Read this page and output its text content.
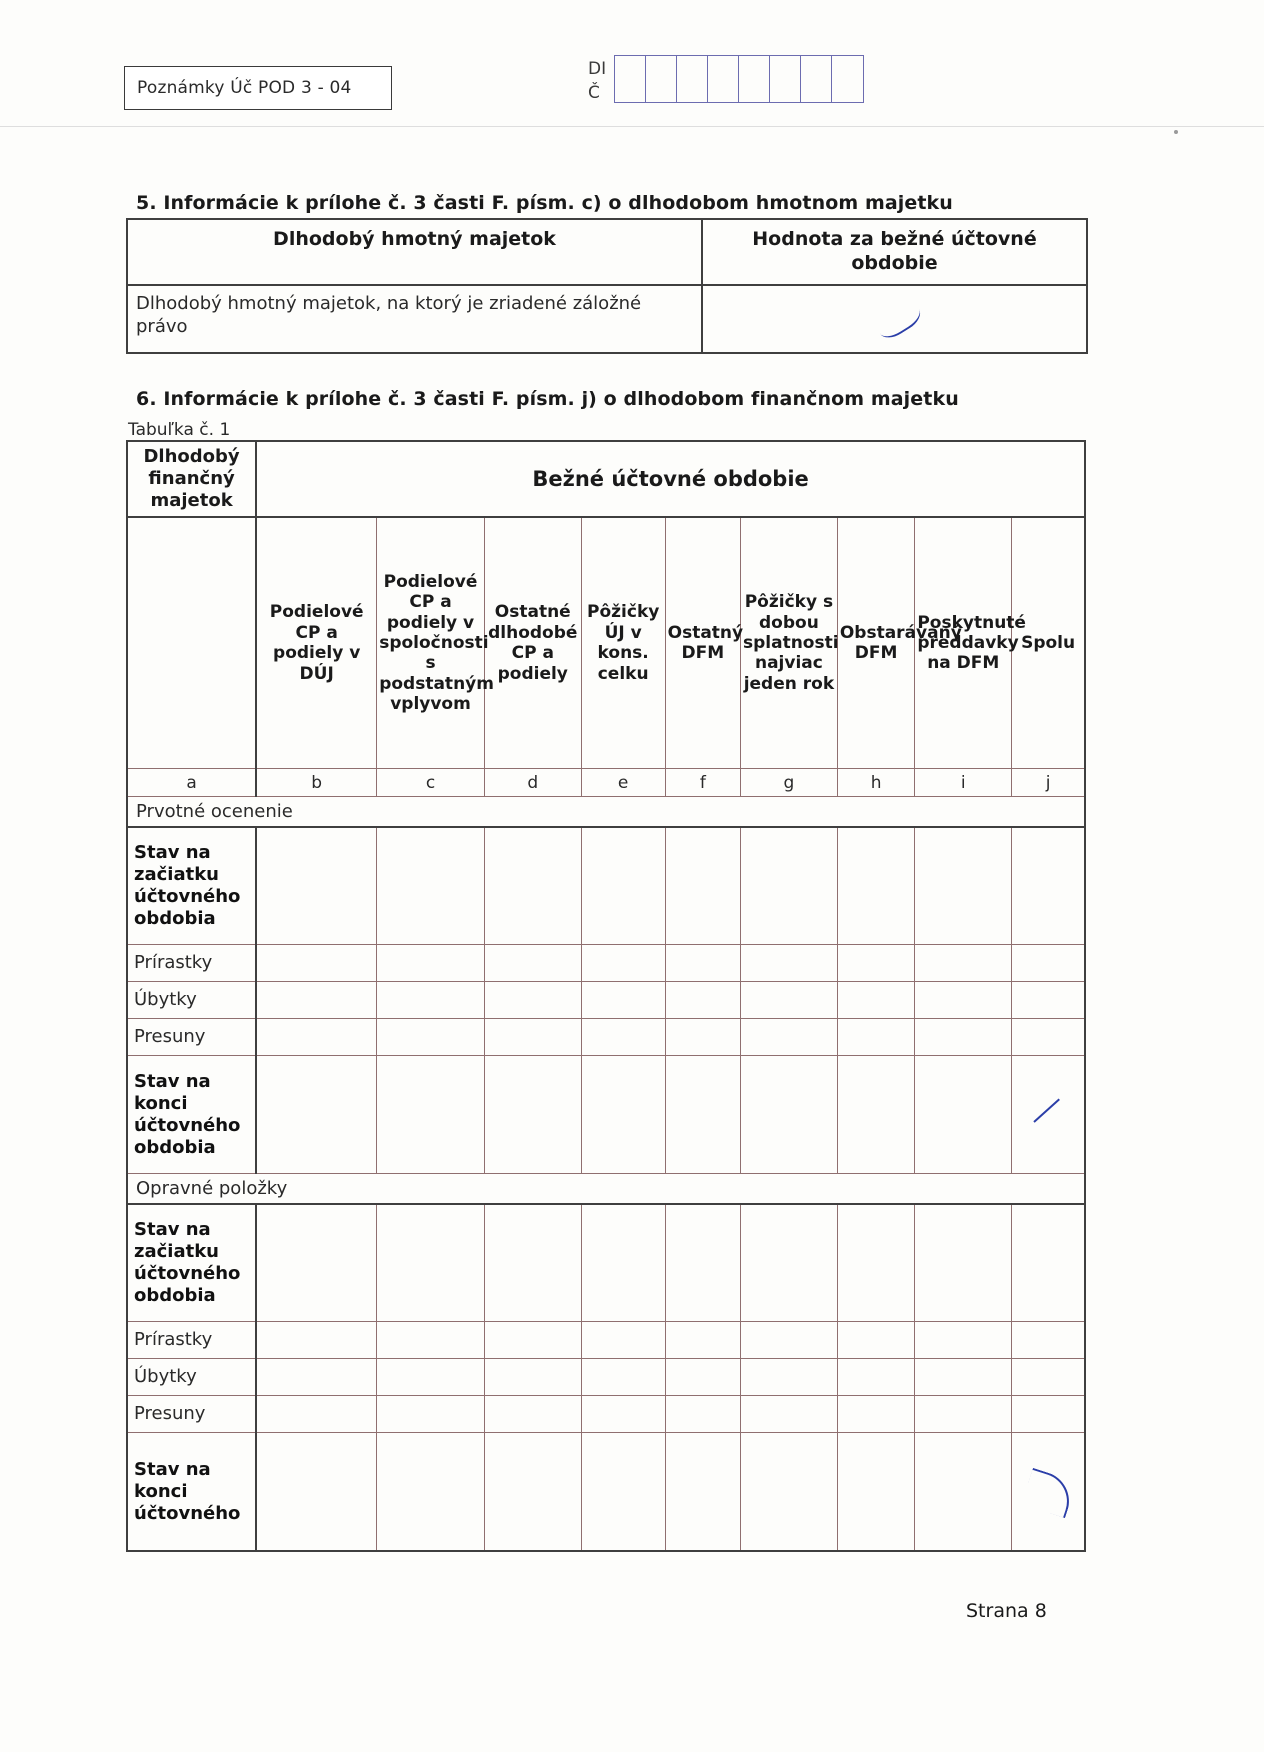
Poznámky Úč POD 3 - 04
DI
Č
5. Informácie k prílohe č. 3 časti F. písm. c) o dlhodobom hmotnom majetku
Dlhodobý hmotný majetok	Hodnota za bežné účtovné obdobie
Dlhodobý hmotný majetok, na ktorý je zriadené záložné právo	
6. Informácie k prílohe č. 3 časti F. písm. j) o dlhodobom finančnom majetku
Tabuľka č. 1
Dlhodobý finančný majetok	Bežné účtovné obdobie								
	Podielové CP a podiely v DÚJ	Podielové CP a podiely v spoločnosti s podstatným vplyvom	Ostatné dlhodobé CP a podiely	Pôžičky ÚJ v kons. celku	Ostatný DFM	Pôžičky s dobou splatnosti najviac jeden rok	Obstarávaný DFM	Poskytnuté preddavky na DFM	Spolu
a	b	c	d	e	f	g	h	i	j
Prvotné ocenenie									
Stav na začiatku účtovného obdobia									
Prírastky									
Úbytky									
Presuny									
Stav na konci účtovného obdobia									

Opravné položky									
Stav na začiatku účtovného obdobia									
Prírastky									
Úbytky									
Presuny									
Stav na konci účtovného									
Strana 8
